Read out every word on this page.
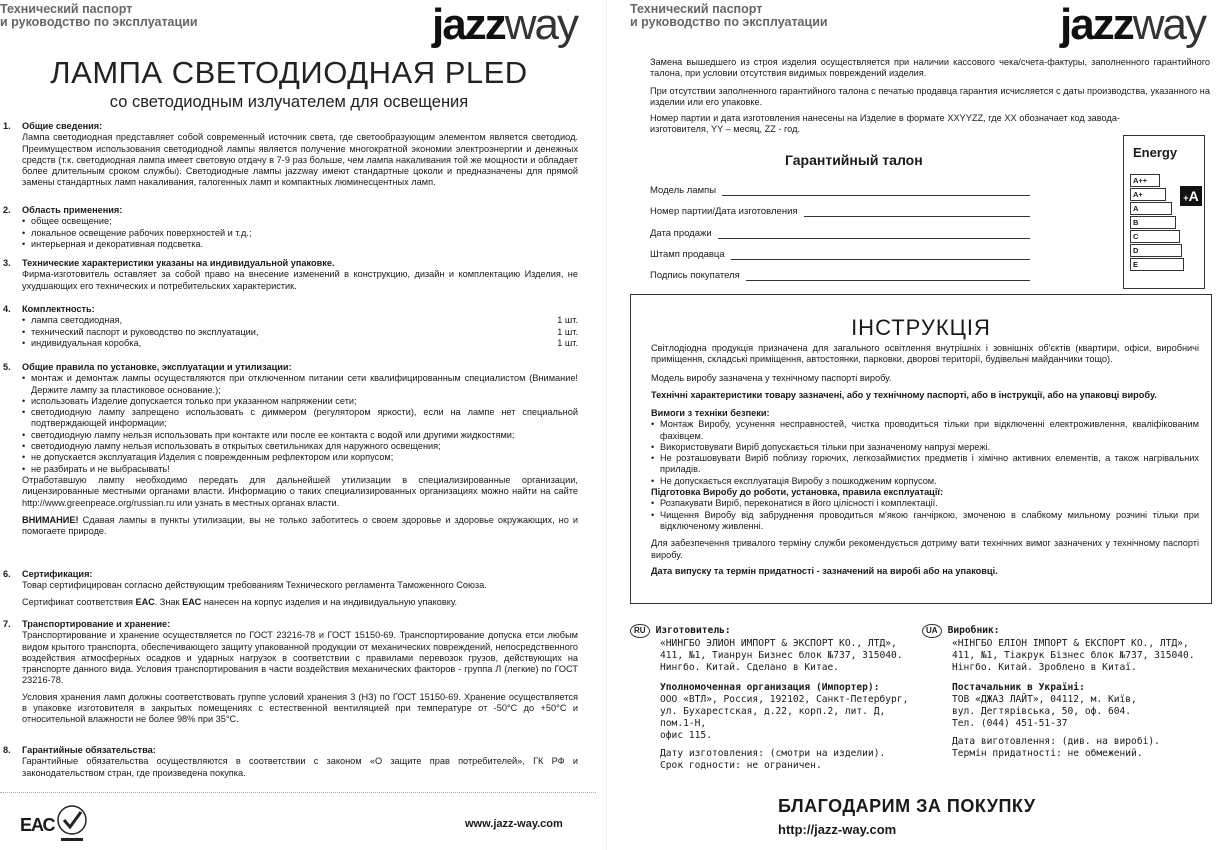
Технический паспорт
и руководство по эксплуатации	jazzway
ЛАМПА СВЕТОДИОДНАЯ PLED
со светодиодным излучателем для освещения
1. Общие сведения:

Лампа светодиодная представляет собой современный источник света, где светообразующим элементом является светодиод. Преимуществом использования светодиодной лампы является получение многократной экономии электроэнергии и денежных средств (т.к. светодиодная лампа имеет световую отдачу в 7-9 раз больше, чем лампа накаливания той же мощности и обладает более длительным сроком службы). Светодиодные лампы jazzway имеют стандартные цоколи и предназначены для прямой замены стандартных ламп накаливания, галогенных ламп и компактных люминесцентных ламп.

2. Область применения:
• общее освещение;
• локальное освещение рабочих поверхностей и т.д.;
• интерьерная и декоративная подсветка.
3. Технические характеристики указаны на индивидуальной упаковке.

Фирма-изготовитель оставляет за собой право на внесение изменений в конструкцию, дизайн и комплектацию Изделия, не ухудшающих его технических и потребительских характеристик.

4. Комплектность:
• лампа светодиодная,	1 шт.
• технический паспорт и руководство по эксплуатации,	1 шт.
• индивидуальная коробка,	1 шт.
5. Общие правила по установке, эксплуатации и утилизации:
• монтаж и демонтаж лампы осуществляются при отключенном питании сети квалифицированным специалистом (Внимание! Держите лампу за пластиковое основание.);
• использовать Изделие допускается только при указанном напряжении сети;
• светодиодную лампу запрещено использовать с диммером (регулятором яркости), если на лампе нет специальной подтверждающей информации;
• светодиодную лампу нельзя использовать при контакте или после ее контакта с водой или другими жидкостями;
• светодиодную лампу нельзя использовать в открытых светильниках для наружного освещения;
• не допускается эксплуатация Изделия с поврежденным рефлектором или корпусом;
• не разбирать и не выбрасывать!

Отработавшую лампу необходимо передать для дальнейшей утилизации в специализированные организации, лицензированные местными органами власти. Информацию о таких специализированных организациях можно найти на сайте http://www.greenpeace.org/russian.ru или узнать в местных органах власти.

ВНИМАНИЕ! Сдавая лампы в пункты утилизации, вы не только заботитесь о своем здоровье и здоровье окружающих, но и помогаете природе.

6. Сертификация:

Товар сертифицирован согласно действующим требованиям Технического регламента Таможенного Союза.

Сертификат соответствия ЕАС. Знак ЕАС нанесен на корпус изделия и на индивидуальную упаковку.

7. Транспортирование и хранение:

Транспортирование и хранение осуществляется по ГОСТ 23216-78 и ГОСТ 15150-69. Транспортирование допуска етси любым видом крытого транспорта, обеспечивающего защиту упакованной продукции от механических повреждений, непосредственного воздействия атмосферных осадков и ударных нагрузок в соответствии с правилами перевозок грузов, действующих на транспорте данного вида. Условия транспортирования в части воздействия механических факторов - группа Л (легкие) по ГОСТ 23216-78.

Условия хранения ламп должны соответствовать группе условий хранения 3 (НЗ) по ГОСТ 15150-69. Хранение осуществляется в упаковке изготовителя в закрытых помещениях с естественной вентиляцией при температуре от -50°С до +50°С и относительной влажности не более 98% при 35°С.

8. Гарантийные обязательства:

Гарантийные обязательства осуществляются в соответствии с законом «О защите прав потребителей», ГК РФ и законодательством стран, где произведена покупка.

ЕАС	www.jazz-way.com
Технический паспорт
и руководство по эксплуатации	jazzway
Замена вышедшего из строя изделия осуществляется при наличии кассового чека/счета-фактуры, заполненного гарантийного талона, при условии отсутствия видимых повреждений изделия.
При отсутствии заполненного гарантийного талона с печатью продавца гарантия исчисляется с даты производства, указанного на изделии или его упаковке.
Номер партии и дата изготовления нанесены на Изделие в формате XXYYZZ, где XX обозначает код завода-изготовителя, YY – месяц, ZZ - год.
Гарантийный талон
Модель лампы
Номер партии/Дата изготовления
Дата продажи
Штамп продавца
Подпись покупателя
Energy
A++
A+
A
B
C
D
E
+A
ІНСТРУКЦІЯ
Світлодіодна продукція призначена для загального освітлення внутрішніх і зовнішніх об'єктів (квартири, офіси, виробничі приміщення, складські приміщення, автостоянки, парковки, дворові території, будівельні майданчики тощо).
Модель виробу зазначена у технічному паспорті виробу.
Технічні характеристики товару зазначені, або у технічному паспорті, або в інструкції, або на упаковці виробу.
Вимоги з техніки безпеки:
• Монтаж Виробу, усунення несправностей, чистка проводиться тільки при відключенні електроживлення, кваліфікованим фахівцем.
• Використовувати Виріб допускається тільки при зазначеному напрузі мережі.
• Не розташовувати Виріб поблизу горючих, легкозаймистих предметів і хімічно активних елементів, а також нагрівальних приладів.
• Не допускається експлуатація Виробу з пошкодженим корпусом.
Підготовка Виробу до роботи, установка, правила експлуатації:
• Розпакувати Виріб, переконатися в його цілісності і комплектації.
• Чищення Виробу від забруднення проводиться м'якою ганчіркою, змоченою в слабкому мильному розчині тільки при відключеному живленні.

Для забезпечення тривалого терміну служби рекомендується дотриму вати технічних вимог зазначених у технічному паспорті виробу.

Дата випуску та термін придатності - зазначений на виробі або на упаковці.

RU Изготовитель:
«НИНГБО ЭЛИОН ИМПОРТ & ЭКСПОРТ КО., ЛТД»,
411, №1, Тианрун Бизнес блок №737, 315040.
Нингбо. Китай. Сделано в Китае.
Уполномоченная организация (Импортер):
ООО «ВТЛ», Россия, 192102, Санкт-Петербург,
ул. Бухарестская, д.22, корп.2, лит. Д, пом.1-Н,
офис 115.
Дату изготовления: (смотри на изделии).
Срок годности: не ограничен.
UA Виробник:
«НІНГБО ЕЛІОН ІМПОРТ & ЕКСПОРТ КО., ЛТД»,
411, №1, Тіакрук Бізнес блок №737, 315040.
Нінгбо. Китай. Зроблено в Китаї.
Постачальник в Україні:
ТОВ «ДЖАЗ ЛАЙТ», 04112, м. Київ,
вул. Дегтярівська, 50, оф. 604.
Тел. (044) 451-51-37
Дата виготовлення: (див. на виробі).
Термін придатності: не обмежений.
БЛАГОДАРИМ ЗА ПОКУПКУ
http://jazz-way.com
